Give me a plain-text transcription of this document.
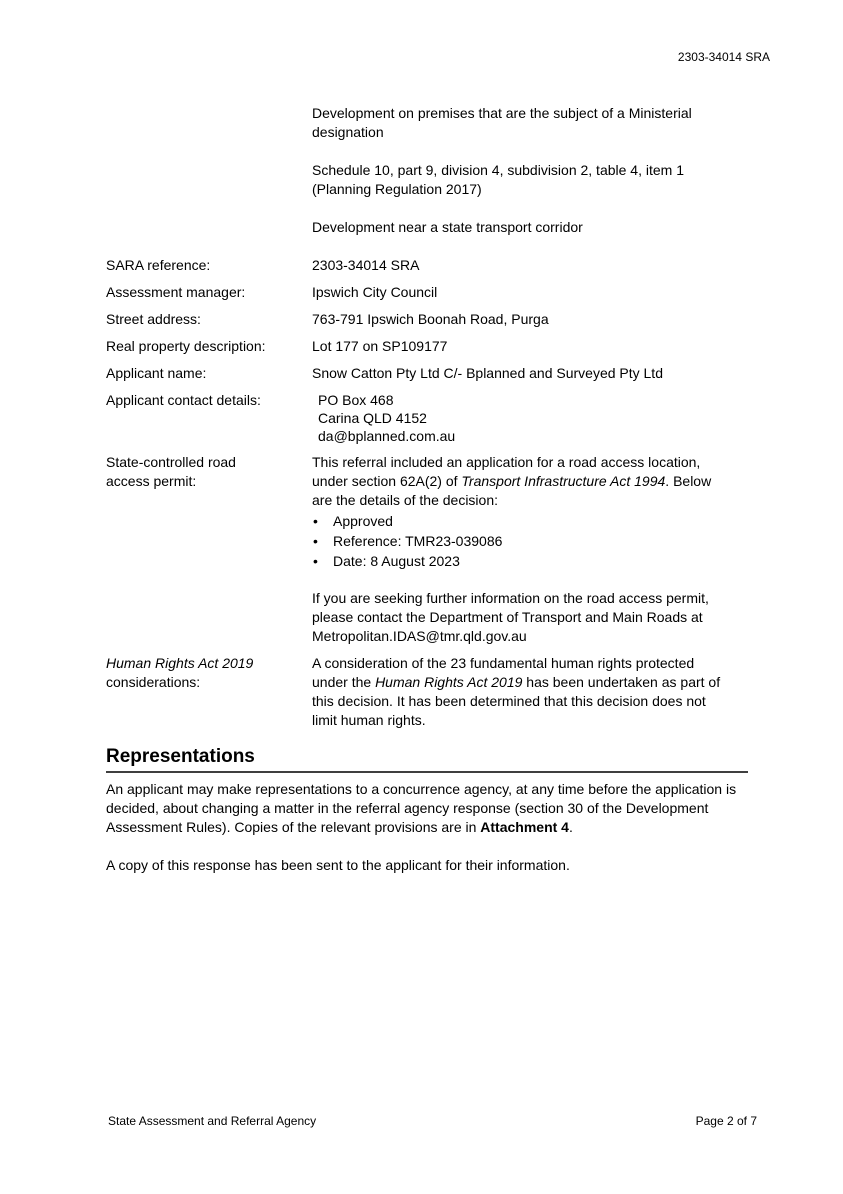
2303-34014 SRA

Development on premises that are the subject of a Ministerial designation

Schedule 10, part 9, division 4, subdivision 2, table 4, item 1 (Planning Regulation 2017)

Development near a state transport corridor

SARA reference:	2303-34014 SRA
Assessment manager:	Ipswich City Council
Street address:	763-791 Ipswich Boonah Road, Purga
Real property description:	Lot 177 on SP109177
Applicant name:	Snow Catton Pty Ltd C/- Bplanned and Surveyed Pty Ltd
Applicant contact details:	PO Box 468
Carina QLD 4152
da@bplanned.com.au
State-controlled road access permit:

This referral included an application for a road access location, under section 62A(2) of Transport Infrastructure Act 1994. Below are the details of the decision:

• Approved
• Reference: TMR23-039086
• Date: 8 August 2023

If you are seeking further information on the road access permit, please contact the Department of Transport and Main Roads at Metropolitan.IDAS@tmr.qld.gov.au

Human Rights Act 2019 considerations:
A consideration of the 23 fundamental human rights protected under the Human Rights Act 2019 has been undertaken as part of this decision. It has been determined that this decision does not limit human rights.
Representations

An applicant may make representations to a concurrence agency, at any time before the application is decided, about changing a matter in the referral agency response (section 30 of the Development Assessment Rules). Copies of the relevant provisions are in Attachment 4.

A copy of this response has been sent to the applicant for their information.

State Assessment and Referral Agency	Page 2 of 7
